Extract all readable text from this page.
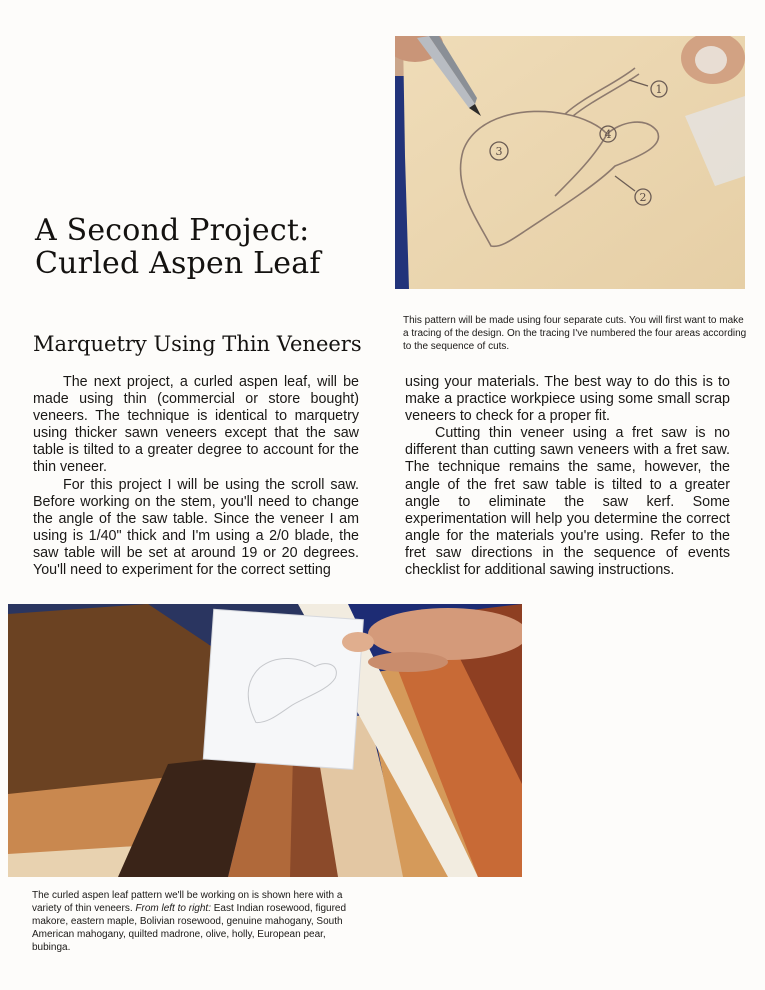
1
2
3
4
A Second Project:
Curled Aspen Leaf
Marquetry Using Thin Veneers
This pattern will be made using four separate cuts. You will first want to make a tracing of the design. On the tracing I've numbered the four areas according to the sequence of cuts.

The next project, a curled aspen leaf, will be made using thin (commercial or store bought) veneers. The technique is identical to marquetry using thicker sawn veneers except that the saw table is tilted to a greater degree to account for the thin veneer.

For this project I will be using the scroll saw. Before working on the stem, you'll need to change the angle of the saw table. Since the veneer I am using is 1/40" thick and I'm using a 2/0 blade, the saw table will be set at around 19 or 20 degrees. You'll need to experiment for the correct setting

using your materials. The best way to do this is to make a practice workpiece using some small scrap veneers to check for a proper fit.

Cutting thin veneer using a fret saw is no different than cutting sawn veneers with a fret saw. The technique remains the same, however, the angle of the fret saw table is tilted to a greater angle to eliminate the saw kerf. Some experimentation will help you determine the correct angle for the materials you're using. Refer to the fret saw directions in the sequence of events checklist for additional sawing instructions.

The curled aspen leaf pattern we'll be working on is shown here with a variety of thin veneers. From left to right: East Indian rosewood, figured makore, eastern maple, Bolivian rosewood, genuine mahogany, South American mahogany, quilted madrone, olive, holly, European pear, bubinga.
